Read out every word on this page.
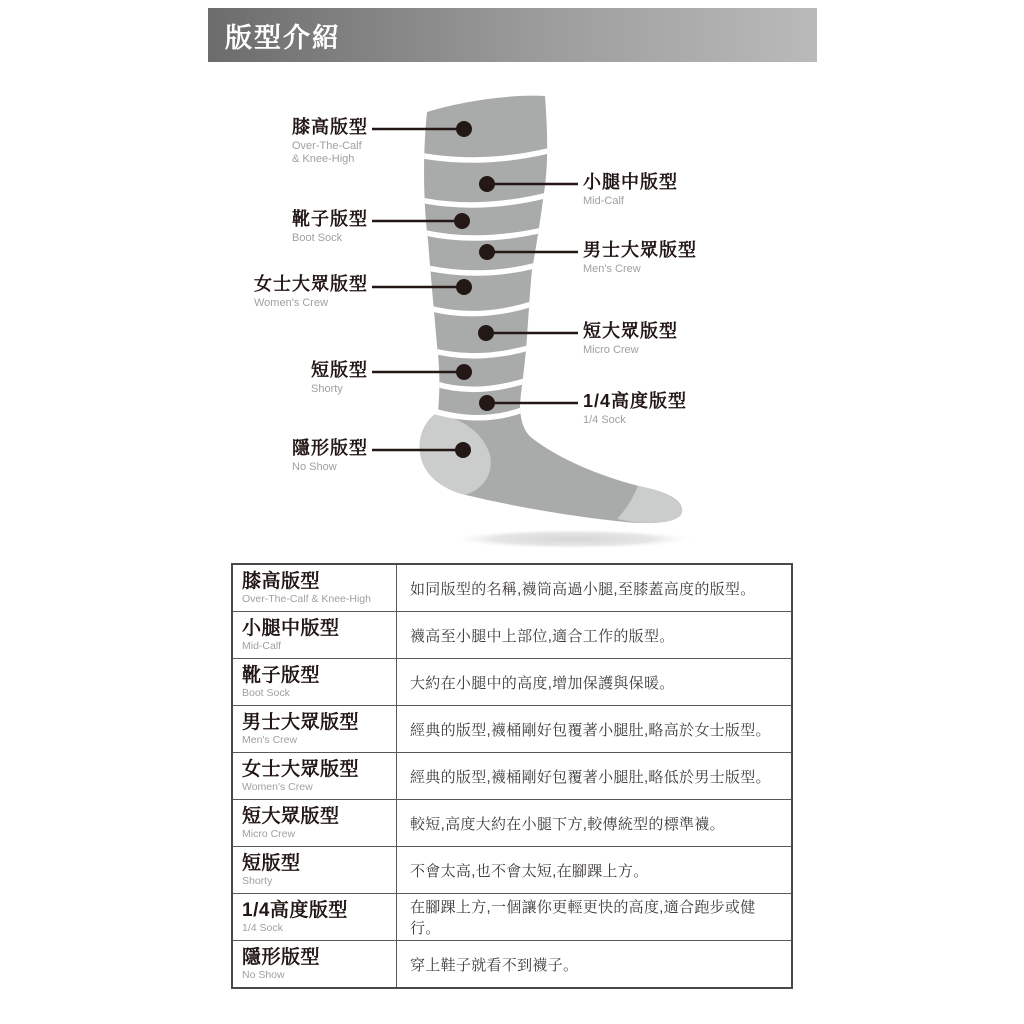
版型介紹
膝高版型
Over-The-Calf & Knee-High
小腿中版型
Mid-Calf
靴子版型
Boot Sock
男士大眾版型
Men's Crew
女士大眾版型
Women's Crew
短大眾版型
Micro Crew
短版型
Shorty
1/4高度版型
1/4 Sock
隱形版型
No Show
膝高版型
Over-The-Calf & Knee-High	如同版型的名稱,襪筒高過小腿,至膝蓋高度的版型。

小腿中版型
Mid-Calf	襪高至小腿中上部位,適合工作的版型。

靴子版型
Boot Sock	大約在小腿中的高度,增加保護與保暖。

男士大眾版型
Men's Crew	經典的版型,襪桶剛好包覆著小腿肚,略高於女士版型。

女士大眾版型
Women's Crew	經典的版型,襪桶剛好包覆著小腿肚,略低於男士版型。

短大眾版型
Micro Crew	較短,高度大約在小腿下方,較傳統型的標準襪。

短版型
Shorty	不會太高,也不會太短,在腳踝上方。

1/4高度版型
1/4 Sock	在腳踝上方,一個讓你更輕更快的高度,適合跑步或健行。

隱形版型
No Show	穿上鞋子就看不到襪子。
